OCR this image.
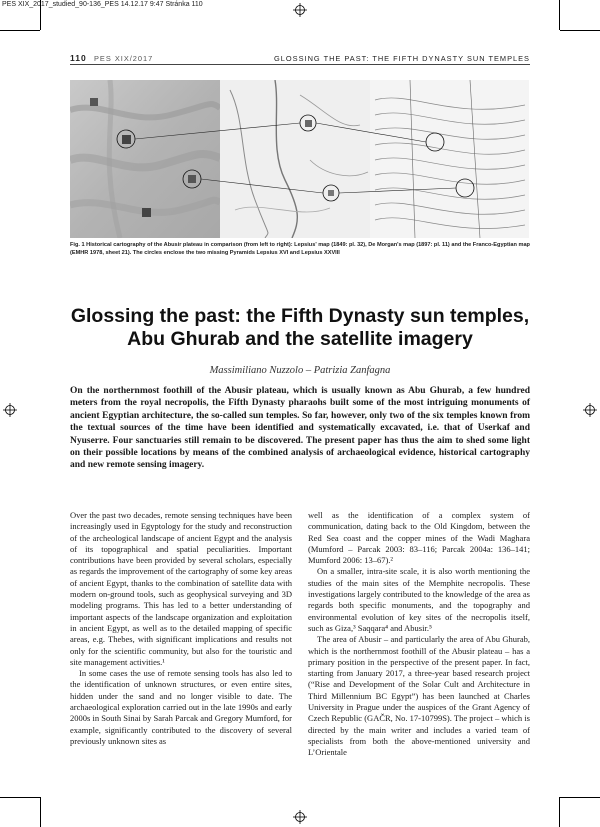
PES XIX_2017_studied_90-136_PES 14.12.17 9:47 Stránka 110
110 PES XIX/2017	GLOSSING THE PAST: THE FIFTH DYNASTY SUN TEMPLES
Fig. 1 Historical cartography of the Abusir plateau in comparison (from left to right): Lepsius' map (1849: pl. 32), De Morgan's map (1897: pl. 11) and the Franco-Egyptian map (EMHR 1978, sheet 21). The circles enclose the two missing Pyramids Lepsius XVI and Lepsius XXVIII
Glossing the past: the Fifth Dynasty sun temples, Abu Ghurab and the satellite imagery
Massimiliano Nuzzolo – Patrizia Zanfagna
On the northernmost foothill of the Abusir plateau, which is usually known as Abu Ghurab, a few hundred meters from the royal necropolis, the Fifth Dynasty pharaohs built some of the most intriguing monuments of ancient Egyptian architecture, the so-called sun temples. So far, however, only two of the six temples known from the textual sources of the time have been identified and systematically excavated, i.e. that of Userkaf and Nyuserre. Four sanctuaries still remain to be discovered. The present paper has thus the aim to shed some light on their possible locations by means of the combined analysis of archaeological evidence, historical cartography and new remote sensing imagery.

Over the past two decades, remote sensing techniques have been increasingly used in Egyptology for the study and reconstruction of the archeological landscape of ancient Egypt and the analysis of its topographical and spatial peculiarities. Important contributions have been provided by several scholars, especially as regards the improvement of the cartography of some key areas of ancient Egypt, thanks to the combination of satellite data with modern on-ground tools, such as geophysical surveying and 3D modeling programs. This has led to a better understanding of important aspects of the landscape organization and exploitation in ancient Egypt, as well as to the detailed mapping of specific areas, e.g. Thebes, with significant implications and results not only for the scientific community, but also for the touristic and site management activities.¹

In some cases the use of remote sensing tools has also led to the identification of unknown structures, or even entire sites, hidden under the sand and no longer visible to date. The archaeological exploration carried out in the late 1990s and early 2000s in South Sinai by Sarah Parcak and Gregory Mumford, for example, significantly contributed to the discovery of several previously unknown sites as

well as the identification of a complex system of communication, dating back to the Old Kingdom, between the Red Sea coast and the copper mines of the Wadi Maghara (Mumford – Parcak 2003: 83–116; Parcak 2004a: 136–141; Mumford 2006: 13–67).²

On a smaller, intra-site scale, it is also worth mentioning the studies of the main sites of the Memphite necropolis. These investigations largely contributed to the knowledge of the area as regards both specific monuments, and the topography and environmental evolution of key sites of the necropolis itself, such as Giza,³ Saqqara⁴ and Abusir.⁵

The area of Abusir – and particularly the area of Abu Ghurab, which is the northernmost foothill of the Abusir plateau – has a primary position in the perspective of the present paper. In fact, starting from January 2017, a three-year based research project (“Rise and Development of the Solar Cult and Architecture in Third Millennium BC Egypt”) has been launched at Charles University in Prague under the auspices of the Grant Agency of Czech Republic (GAČR, No. 17-10799S). The project – which is directed by the main writer and includes a varied team of specialists from both the above-mentioned university and L’Orientale
